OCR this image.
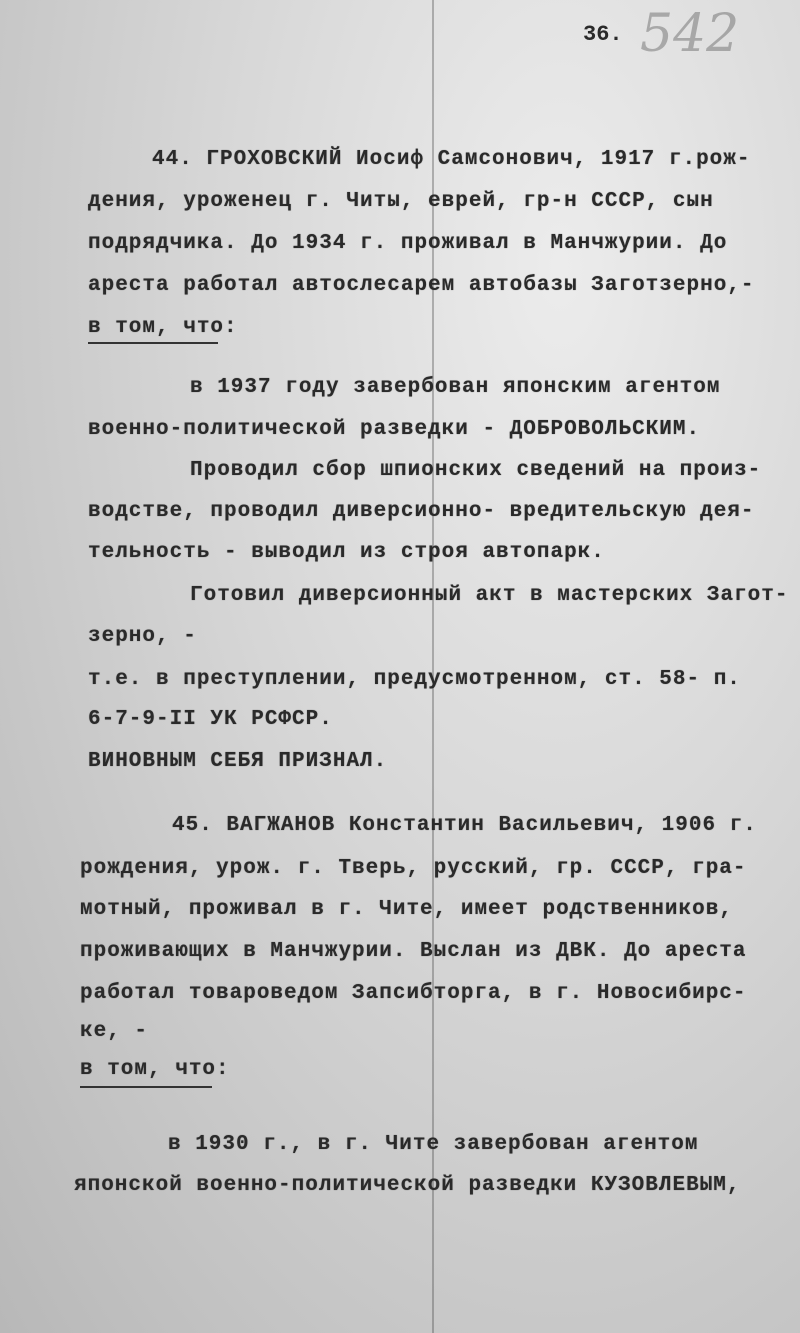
36. 542
44. ГРОХОВСКИЙ Иосиф Самсонович, 1917 г.рож-
дения, уроженец г. Читы, еврей, гр-н СССР, сын
подрядчика. До 1934 г. проживал в Манчжурии. До
ареста работал автослесарем автобазы Заготзерно,-
в том, что:
в 1937 году завербован японским агентом
военно-политической разведки - ДОБРОВОЛЬСКИМ.
Проводил сбор шпионских сведений на произ-
водстве, проводил диверсионно- вредительскую дея-
тельность - выводил из строя автопарк.
Готовил диверсионный акт в мастерских Загот-
зерно, -
т.е. в преступлении, предусмотренном, ст. 58- п.
6-7-9-II УК РСФСР.
ВИНОВНЫМ СЕБЯ ПРИЗНАЛ.
45. ВАГЖАНОВ Константин Васильевич, 1906 г.
рождения, урож. г. Тверь, русский, гр. СССР, гра-
мотный, проживал в г. Чите, имеет родственников,
проживающих в Манчжурии. Выслан из ДВК. До ареста
работал товароведом Запсибторга, в г. Новосибирс-
ке, -
в том, что:
в 1930 г., в г. Чите завербован агентом
японской военно-политической разведки КУЗОВЛЕВЫМ,
